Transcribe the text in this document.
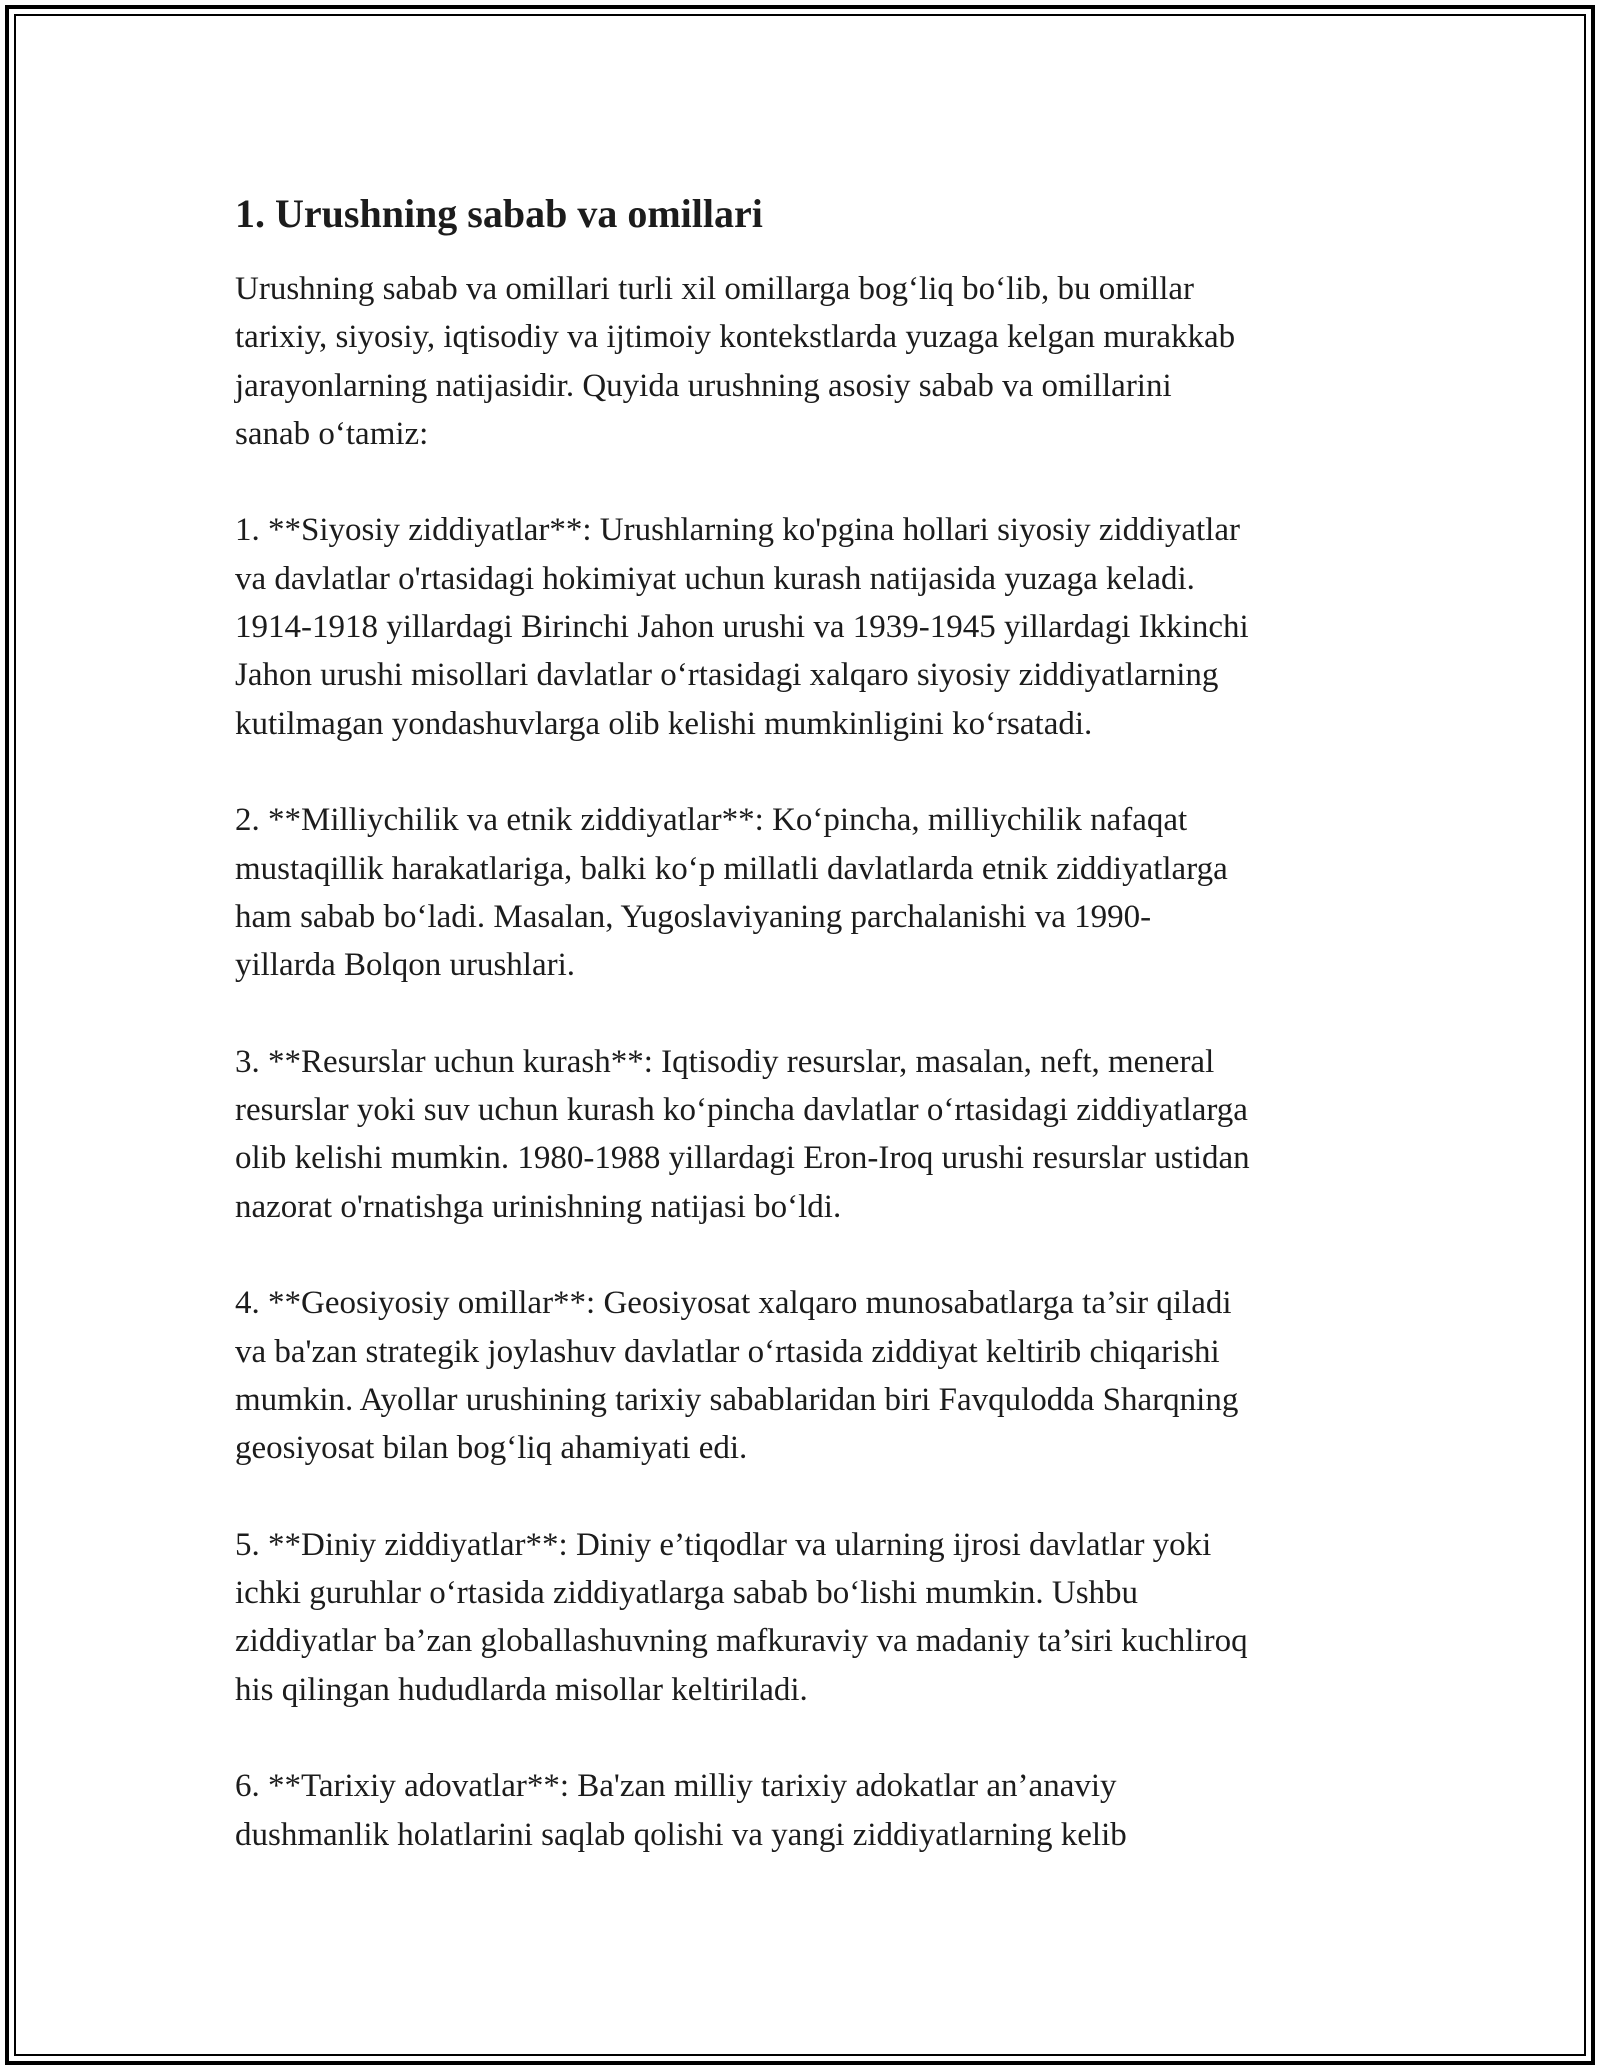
1. Urushning sabab va omillari
Urushning sabab va omillari turli xil omillarga bog‘liq bo‘lib, bu omillar
tarixiy, siyosiy, iqtisodiy va ijtimoiy kontekstlarda yuzaga kelgan murakkab
jarayonlarning natijasidir. Quyida urushning asosiy sabab va omillarini
sanab o‘tamiz:
1. **Siyosiy ziddiyatlar**: Urushlarning ko'pgina hollari siyosiy ziddiyatlar
va davlatlar o'rtasidagi hokimiyat uchun kurash natijasida yuzaga keladi.
1914-1918 yillardagi Birinchi Jahon urushi va 1939-1945 yillardagi Ikkinchi
Jahon urushi misollari davlatlar o‘rtasidagi xalqaro siyosiy ziddiyatlarning
kutilmagan yondashuvlarga olib kelishi mumkinligini ko‘rsatadi.
2. **Milliychilik va etnik ziddiyatlar**: Ko‘pincha, milliychilik nafaqat
mustaqillik harakatlariga, balki ko‘p millatli davlatlarda etnik ziddiyatlarga
ham sabab bo‘ladi. Masalan, Yugoslaviyaning parchalanishi va 1990-
yillarda Bolqon urushlari.
3. **Resurslar uchun kurash**: Iqtisodiy resurslar, masalan, neft, meneral
resurslar yoki suv uchun kurash ko‘pincha davlatlar o‘rtasidagi ziddiyatlarga
olib kelishi mumkin. 1980-1988 yillardagi Eron-Iroq urushi resurslar ustidan
nazorat o'rnatishga urinishning natijasi bo‘ldi.
4. **Geosiyosiy omillar**: Geosiyosat xalqaro munosabatlarga ta’sir qiladi
va ba'zan strategik joylashuv davlatlar o‘rtasida ziddiyat keltirib chiqarishi
mumkin. Ayollar urushining tarixiy sabablaridan biri Favqulodda Sharqning
geosiyosat bilan bog‘liq ahamiyati edi.
5. **Diniy ziddiyatlar**: Diniy e’tiqodlar va ularning ijrosi davlatlar yoki
ichki guruhlar o‘rtasida ziddiyatlarga sabab bo‘lishi mumkin. Ushbu
ziddiyatlar ba’zan globallashuvning mafkuraviy va madaniy ta’siri kuchliroq
his qilingan hududlarda misollar keltiriladi.
6. **Tarixiy adovatlar**: Ba'zan milliy tarixiy adokatlar an’anaviy
dushmanlik holatlarini saqlab qolishi va yangi ziddiyatlarning kelib
